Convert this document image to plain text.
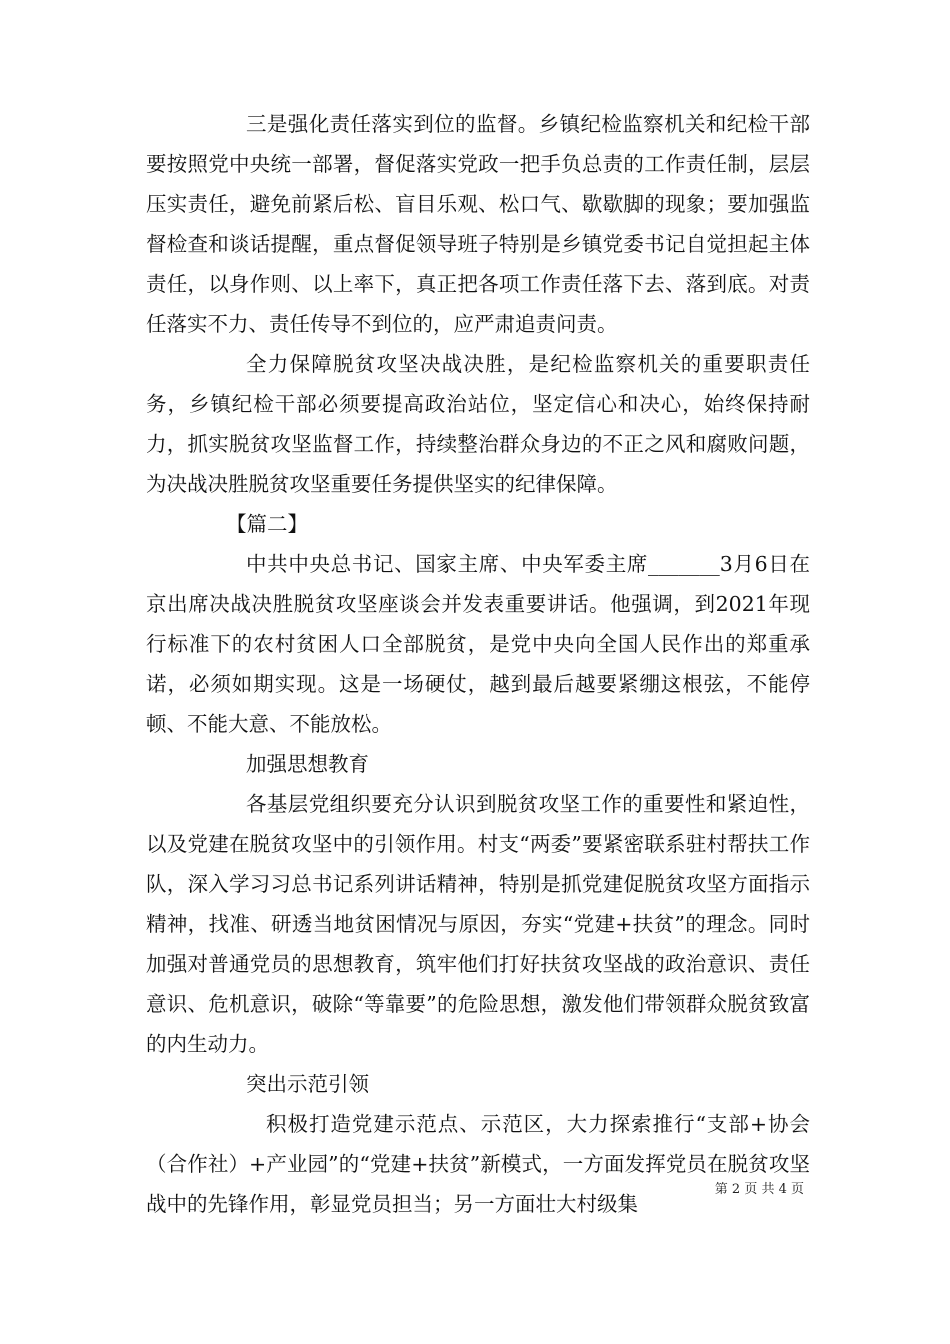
三是强化责任落实到位的监督。乡镇纪检监察机关和纪检干部要按照党中央统一部署，督促落实党政一把手负总责的工作责任制，层层压实责任，避免前紧后松、盲目乐观、松口气、歇歇脚的现象；要加强监督检查和谈话提醒，重点督促领导班子特别是乡镇党委书记自觉担起主体责任，以身作则、以上率下，真正把各项工作责任落下去、落到底。对责任落实不力、责任传导不到位的，应严肃追责问责。

全力保障脱贫攻坚决战决胜，是纪检监察机关的重要职责任务，乡镇纪检干部必须要提高政治站位，坚定信心和决心，始终保持耐力，抓实脱贫攻坚监督工作，持续整治群众身边的不正之风和腐败问题，为决战决胜脱贫攻坚重要任务提供坚实的纪律保障。

【篇二】

中共中央总书记、国家主席、中央军委主席_______3月6日在京出席决战决胜脱贫攻坚座谈会并发表重要讲话。他强调，到2021年现行标准下的农村贫困人口全部脱贫，是党中央向全国人民作出的郑重承诺，必须如期实现。这是一场硬仗，越到最后越要紧绷这根弦，不能停顿、不能大意、不能放松。

加强思想教育

各基层党组织要充分认识到脱贫攻坚工作的重要性和紧迫性，以及党建在脱贫攻坚中的引领作用。村支“两委”要紧密联系驻村帮扶工作队，深入学习习总书记系列讲话精神，特别是抓党建促脱贫攻坚方面指示精神，找准、研透当地贫困情况与原因，夯实“党建+扶贫”的理念。同时加强对普通党员的思想教育，筑牢他们打好扶贫攻坚战的政治意识、责任意识、危机意识，破除“等靠要”的危险思想，激发他们带领群众脱贫致富的内生动力。

突出示范引领

积极打造党建示范点、示范区，大力探索推行“支部+协会（合作社）+产业园”的“党建+扶贫”新模式，一方面发挥党员在脱贫攻坚战中的先锋作用，彰显党员担当；另一方面壮大村级集

第 2 页 共 4 页
